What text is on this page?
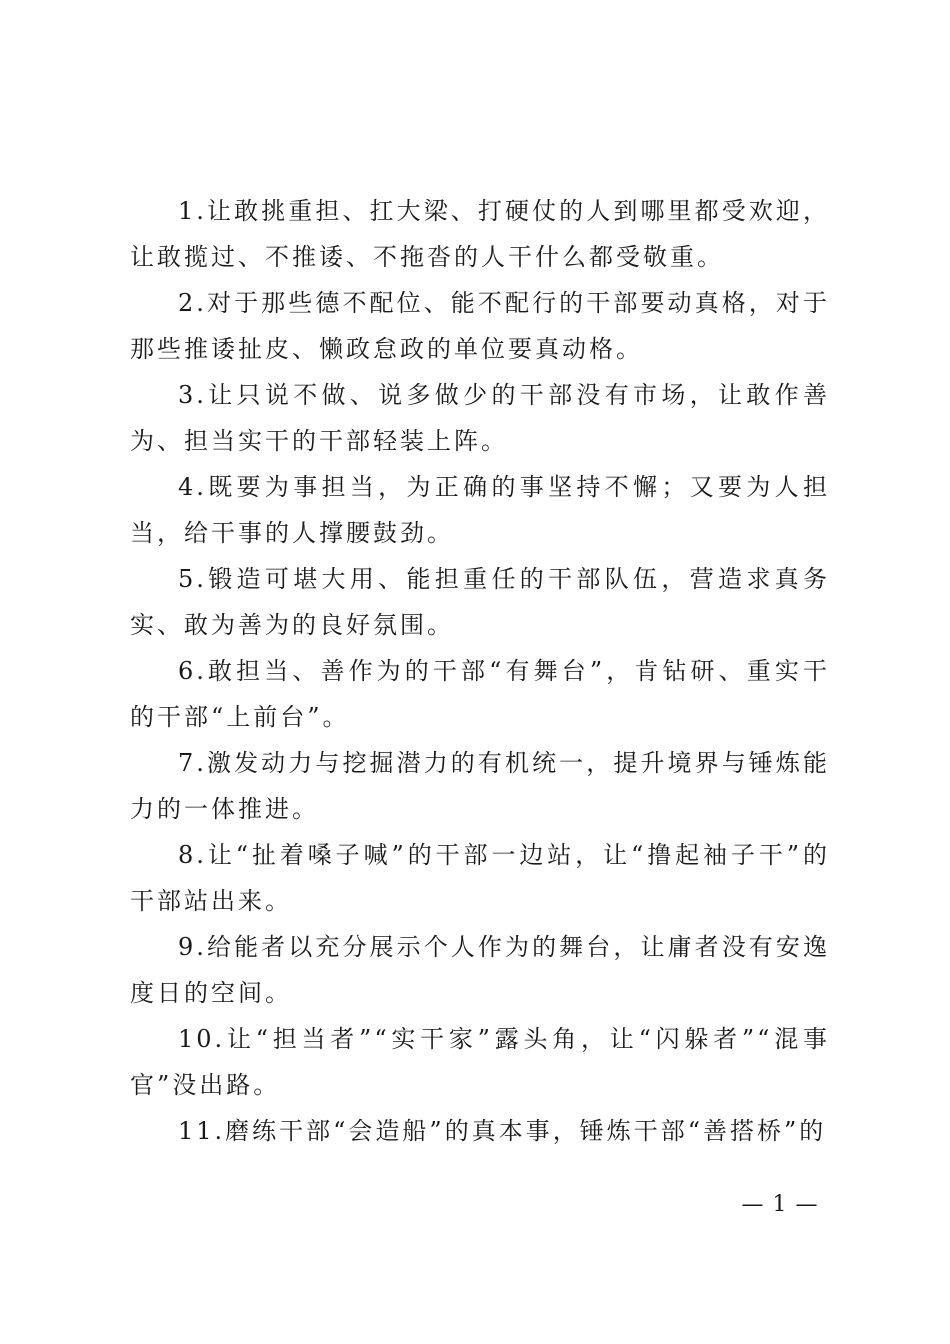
1.让敢挑重担、扛大梁、打硬仗的人到哪里都受欢迎，让敢揽过、不推诿、不拖沓的人干什么都受敬重。

2.对于那些德不配位、能不配行的干部要动真格，对于那些推诿扯皮、懒政怠政的单位要真动格。

3.让只说不做、说多做少的干部没有市场，让敢作善为、担当实干的干部轻装上阵。

4.既要为事担当，为正确的事坚持不懈；又要为人担当，给干事的人撑腰鼓劲。

5.锻造可堪大用、能担重任的干部队伍，营造求真务实、敢为善为的良好氛围。

6.敢担当、善作为的干部“有舞台”，肯钻研、重实干的干部“上前台”。

7.激发动力与挖掘潜力的有机统一，提升境界与锤炼能力的一体推进。

8.让“扯着嗓子喊”的干部一边站，让“撸起袖子干”的干部站出来。

9.给能者以充分展示个人作为的舞台，让庸者没有安逸度日的空间。

10.让“担当者”“实干家”露头角，让“闪躲者”“混事官”没出路。

11.磨练干部“会造船”的真本事，锤炼干部“善搭桥”的

— 1 —
